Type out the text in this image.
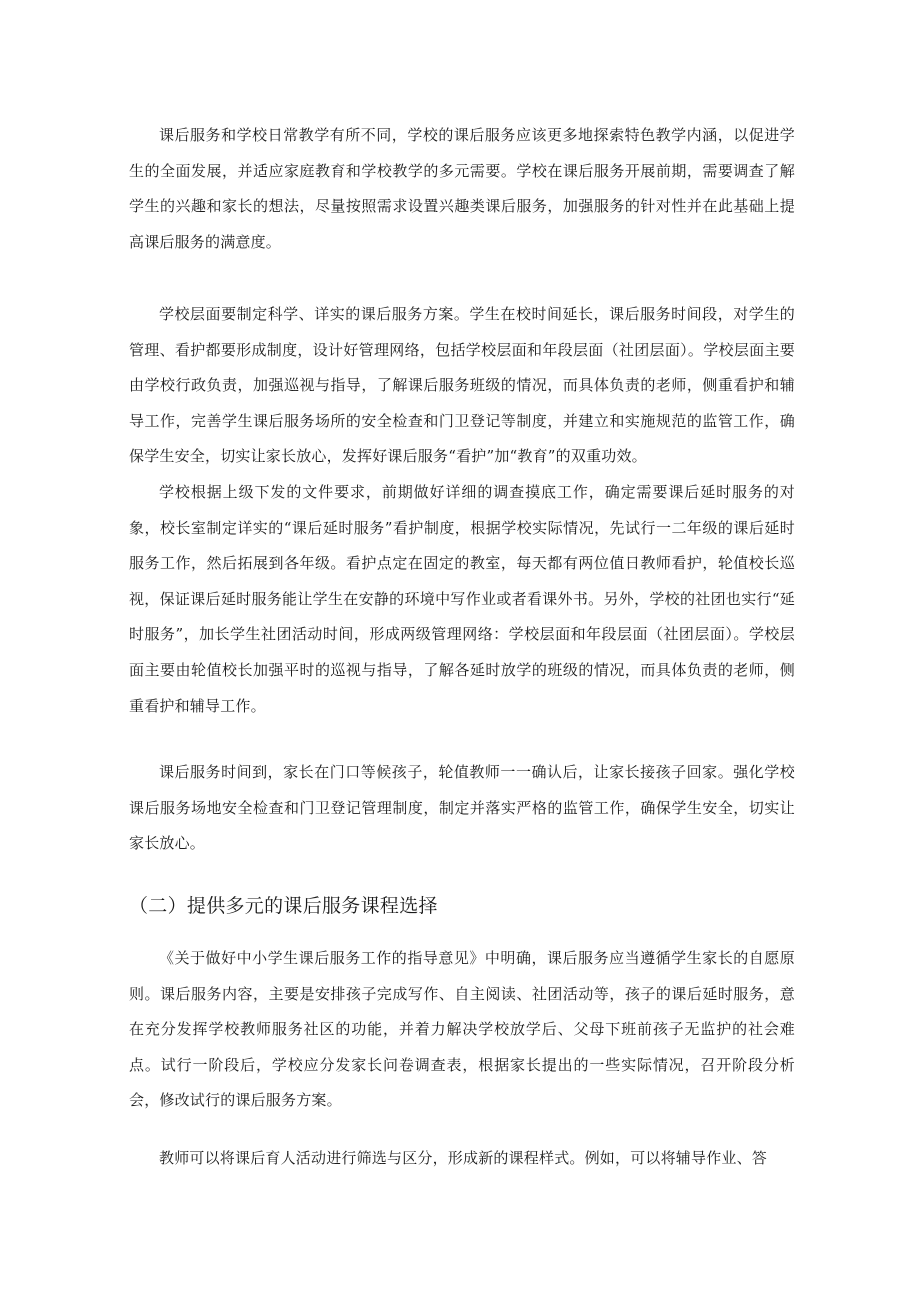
课后服务和学校日常教学有所不同，学校的课后服务应该更多地探索特色教学内涵，以促进学生的全面发展，并适应家庭教育和学校教学的多元需要。学校在课后服务开展前期，需要调查了解学生的兴趣和家长的想法，尽量按照需求设置兴趣类课后服务，加强服务的针对性并在此基础上提高课后服务的满意度。

学校层面要制定科学、详实的课后服务方案。学生在校时间延长，课后服务时间段，对学生的管理、看护都要形成制度，设计好管理网络，包括学校层面和年段层面（社团层面）。学校层面主要由学校行政负责，加强巡视与指导，了解课后服务班级的情况，而具体负责的老师，侧重看护和辅导工作，完善学生课后服务场所的安全检查和门卫登记等制度，并建立和实施规范的监管工作，确保学生安全，切实让家长放心，发挥好课后服务“看护”加“教育”的双重功效。

学校根据上级下发的文件要求，前期做好详细的调查摸底工作，确定需要课后延时服务的对象，校长室制定详实的“课后延时服务”看护制度，根据学校实际情况，先试行一二年级的课后延时服务工作，然后拓展到各年级。看护点定在固定的教室，每天都有两位值日教师看护，轮值校长巡视，保证课后延时服务能让学生在安静的环境中写作业或者看课外书。另外，学校的社团也实行“延时服务”，加长学生社团活动时间，形成两级管理网络：学校层面和年段层面（社团层面）。学校层面主要由轮值校长加强平时的巡视与指导，了解各延时放学的班级的情况，而具体负责的老师，侧重看护和辅导工作。

课后服务时间到，家长在门口等候孩子，轮值教师一一确认后，让家长接孩子回家。强化学校课后服务场地安全检查和门卫登记管理制度，制定并落实严格的监管工作，确保学生安全，切实让家长放心。

（二）提供多元的课后服务课程选择

《关于做好中小学生课后服务工作的指导意见》中明确，课后服务应当遵循学生家长的自愿原则。课后服务内容，主要是安排孩子完成写作、自主阅读、社团活动等，孩子的课后延时服务，意在充分发挥学校教师服务社区的功能，并着力解决学校放学后、父母下班前孩子无监护的社会难点。试行一阶段后，学校应分发家长问卷调查表，根据家长提出的一些实际情况，召开阶段分析会，修改试行的课后服务方案。

教师可以将课后育人活动进行筛选与区分，形成新的课程样式。例如，可以将辅导作业、答
